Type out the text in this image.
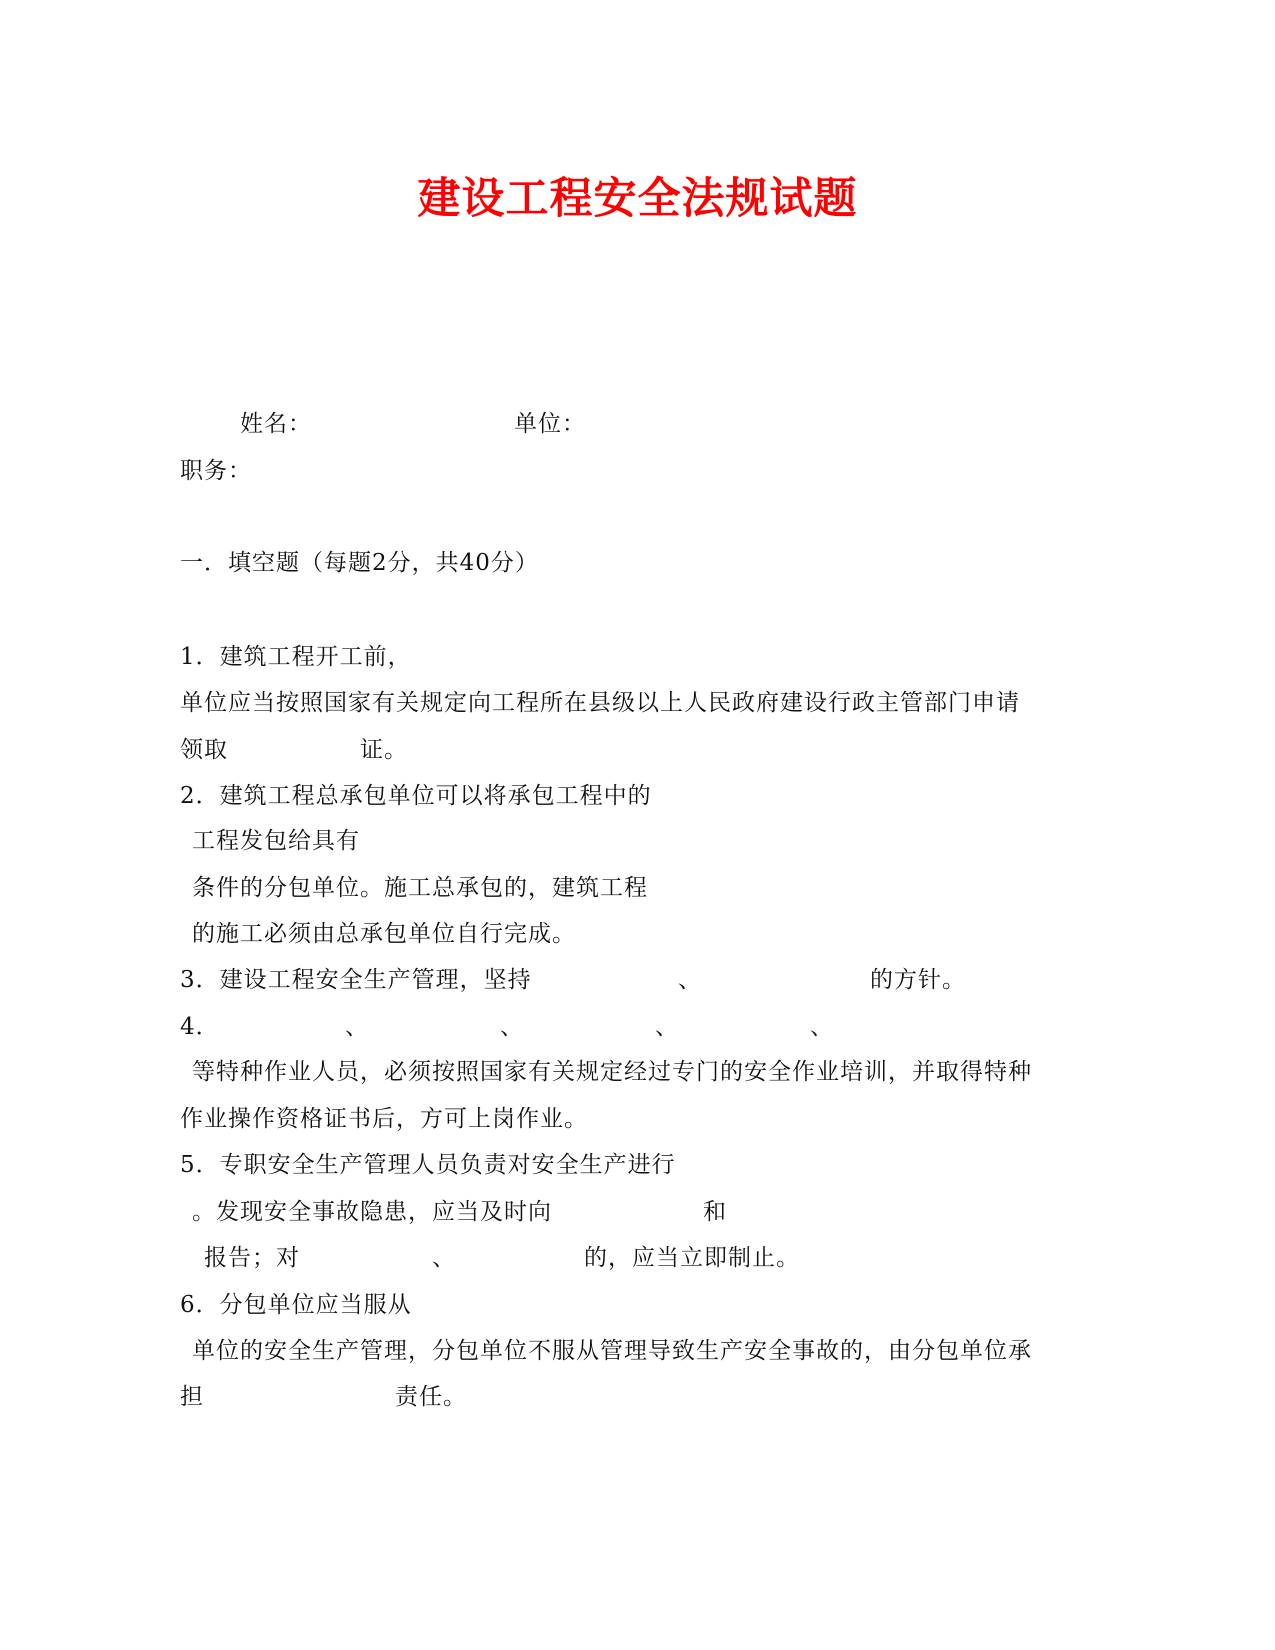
建设工程安全法规试题
姓名：	单位：
职务：
一．填空题（每题2分，共40分）
1．建筑工程开工前，
单位应当按照国家有关规定向工程所在县级以上人民政府建设行政主管部门申请
领取	证。
2．建筑工程总承包单位可以将承包工程中的
工程发包给具有
条件的分包单位。施工总承包的，建筑工程
的施工必须由总承包单位自行完成。
3．建设工程安全生产管理，坚持	、	的方针。
4．	、	、	、	、
等特种作业人员，必须按照国家有关规定经过专门的安全作业培训，并取得特种
作业操作资格证书后，方可上岗作业。
5．专职安全生产管理人员负责对安全生产进行
。发现安全事故隐患，应当及时向	和
报告；对	、	的，应当立即制止。
6．分包单位应当服从
单位的安全生产管理，分包单位不服从管理导致生产安全事故的，由分包单位承
担	责任。
